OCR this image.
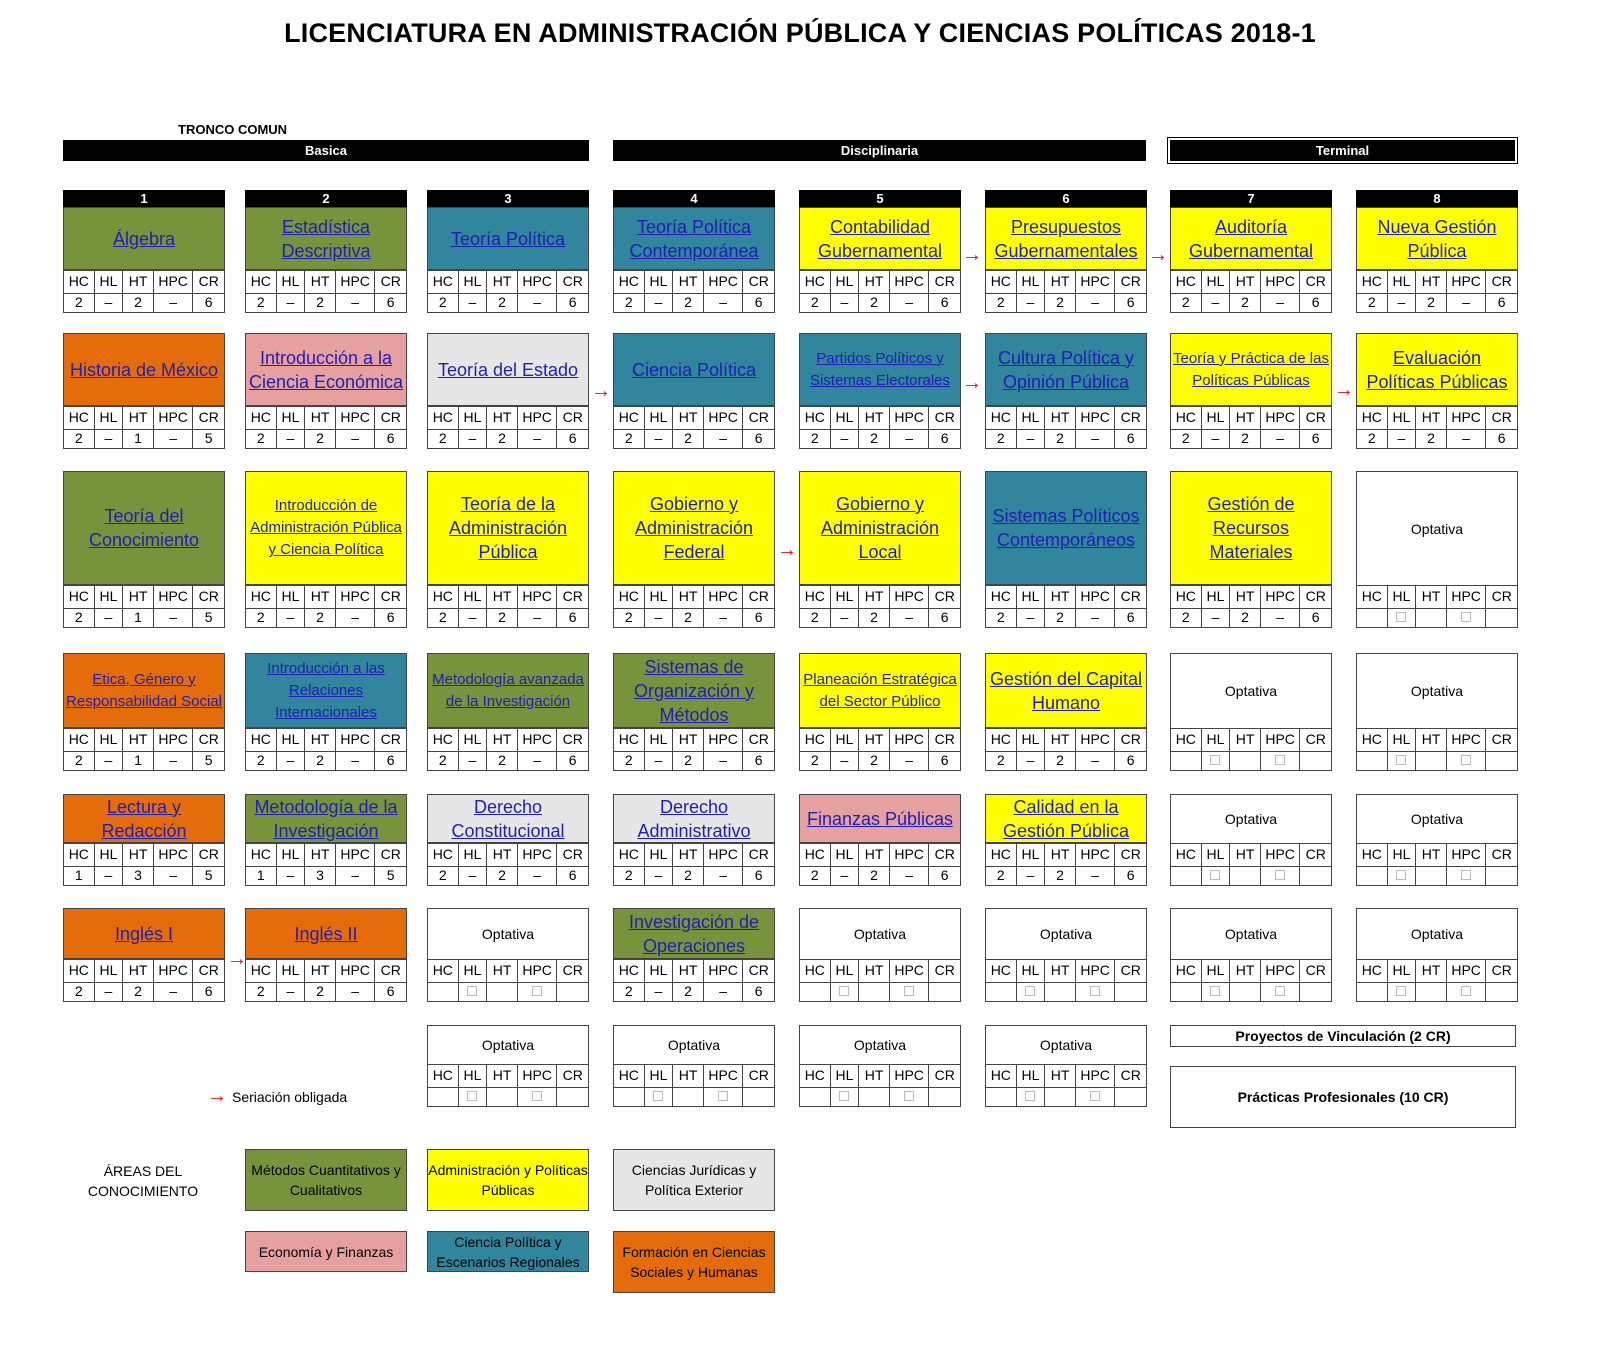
LICENCIATURA EN ADMINISTRACIÓN PÚBLICA Y CIENCIAS POLÍTICAS 2018-1
TRONCO COMUN
Basica	Disciplinaria	Terminal
1	2	3	4	5	6	7	8
Álgebra
HC HL HT HPC CR
2	–	2	–	6
Estadística Descriptiva
HC HL HT HPC CR
2	–	2	–	6
Teoría Política
HC HL HT HPC CR
2	–	2	–	6
Teoría Política Contemporánea
HC HL HT HPC CR
2	–	2	–	6
Contabilidad Gubernamental
HC HL HT HPC CR
2	–	2	–	6
Presupuestos Gubernamentales
HC HL HT HPC CR
2	–	2	–	6
Auditoría Gubernamental
HC HL HT HPC CR
2	–	2	–	6
Nueva Gestión Pública
HC HL HT HPC CR
2	–	2	–	6
Historia de México
HC HL HT HPC CR
2	–	1	–	5
Introducción a la Ciencia Económica
HC HL HT HPC CR
2	–	2	–	6
Teoría del Estado
HC HL HT HPC CR
2	–	2	–	6
Ciencia Política
HC HL HT HPC CR
2	–	2	–	6
Partidos Políticos y Sistemas Electorales
HC HL HT HPC CR
2	–	2	–	6
Cultura Política y Opinión Pública
HC HL HT HPC CR
2	–	2	–	6
Teoría y Práctica de las Políticas Públicas
HC HL HT HPC CR
2	–	2	–	6
Evaluación Políticas Públicas
HC HL HT HPC CR
2	–	2	–	6
Teoría del Conocimiento
HC HL HT HPC CR
2	–	1	–	5
Introducción de Administración Pública y Ciencia Política
HC HL HT HPC CR
2	–	2	–	6
Teoría de la Administración Pública
HC HL HT HPC CR
2	–	2	–	6
Gobierno y Administración Federal
HC HL HT HPC CR
2	–	2	–	6
Gobierno y Administración Local
HC HL HT HPC CR
2	–	2	–	6
Sistemas Políticos Contemporáneos
HC HL HT HPC CR
2	–	2	–	6
Gestión de Recursos Materiales
HC HL HT HPC CR
2	–	2	–	6
Optativa
HC HL HT HPC CR
Etica, Género y Responsabilidad Social
HC HL HT HPC CR
2	–	1	–	5
Introducción a las Relaciones Internacionales
HC HL HT HPC CR
2	–	2	–	6
Metodología avanzada de la Investigación
HC HL HT HPC CR
2	–	2	–	6
Sistemas de Organización y Métodos
HC HL HT HPC CR
2	–	2	–	6
Planeación Estratégica del Sector Público
HC HL HT HPC CR
2	–	2	–	6
Gestión del Capital Humano
HC HL HT HPC CR
2	–	2	–	6
Optativa
HC HL HT HPC CR
Optativa
HC HL HT HPC CR
Lectura y Redacción
HC HL HT HPC CR
1	–	3	–	5
Metodología de la Investigación
HC HL HT HPC CR
1	–	3	–	5
Derecho Constitucional
HC HL HT HPC CR
2	–	2	–	6
Derecho Administrativo
HC HL HT HPC CR
2	–	2	–	6
Finanzas Públicas
HC HL HT HPC CR
2	–	2	–	6
Calidad en la Gestión Pública
HC HL HT HPC CR
2	–	2	–	6
Optativa
HC HL HT HPC CR
Optativa
HC HL HT HPC CR
Inglés I
HC HL HT HPC CR
2	–	2	–	6
Inglés II
HC HL HT HPC CR
2	–	2	–	6
Optativa
HC HL HT HPC CR
Investigación de Operaciones
HC HL HT HPC CR
2	–	2	–	6
Optativa
HC HL HT HPC CR
Optativa
HC HL HT HPC CR
Optativa
HC HL HT HPC CR
Optativa
HC HL HT HPC CR
Optativa
HC HL HT HPC CR
Optativa
HC HL HT HPC CR
Optativa
HC HL HT HPC CR
Optativa
HC HL HT HPC CR
→	→
→	→	→
→
→
Proyectos de Vinculación (2 CR)
Prácticas Profesionales (10 CR)
→ Seriación obligada
ÁREAS DEL CONOCIMIENTO
Métodos Cuantitativos y Cualitativos
Administración y Políticas Públicas
Ciencias Jurídicas y Política Exterior
Economía y Finanzas
Ciencia Política y Escenarios Regionales
Formación en Ciencias Sociales y Humanas
